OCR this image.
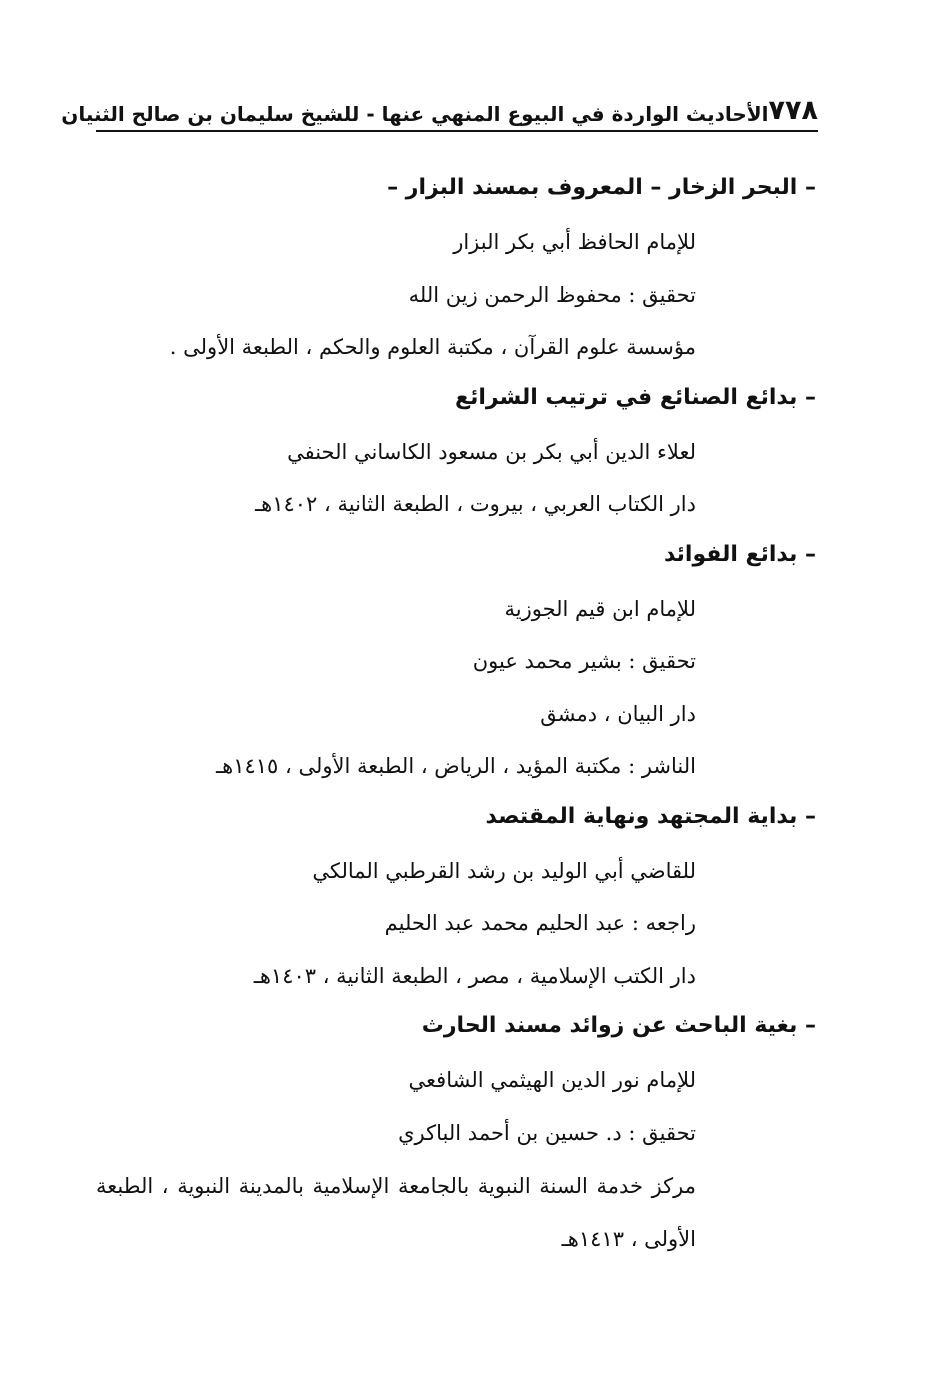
٧٧٨
الأحاديث الواردة في البيوع المنهي عنها - للشيخ سليمان بن صالح الثنيان
– البحر الزخار – المعروف بمسند البزار –
للإمام الحافظ أبي بكر البزار
تحقيق : محفوظ الرحمن زين الله
مؤسسة علوم القرآن ، مكتبة العلوم والحكم ، الطبعة الأولى .
– بدائع الصنائع في ترتيب الشرائع
لعلاء الدين أبي بكر بن مسعود الكاساني الحنفي
دار الكتاب العربي ، بيروت ، الطبعة الثانية ، ١٤٠٢هـ
– بدائع الفوائد
للإمام ابن قيم الجوزية
تحقيق : بشير محمد عيون
دار البيان ، دمشق
الناشر : مكتبة المؤيد ، الرياض ، الطبعة الأولى ، ١٤١٥هـ
– بداية المجتهد ونهاية المقتصد
للقاضي أبي الوليد بن رشد القرطبي المالكي
راجعه : عبد الحليم محمد عبد الحليم
دار الكتب الإسلامية ، مصر ، الطبعة الثانية ، ١٤٠٣هـ
– بغية الباحث عن زوائد مسند الحارث
للإمام نور الدين الهيثمي الشافعي
تحقيق : د. حسين بن أحمد الباكري
مركز خدمة السنة النبوية بالجامعة الإسلامية بالمدينة النبوية ، الطبعة الأولى ، ١٤١٣هـ
